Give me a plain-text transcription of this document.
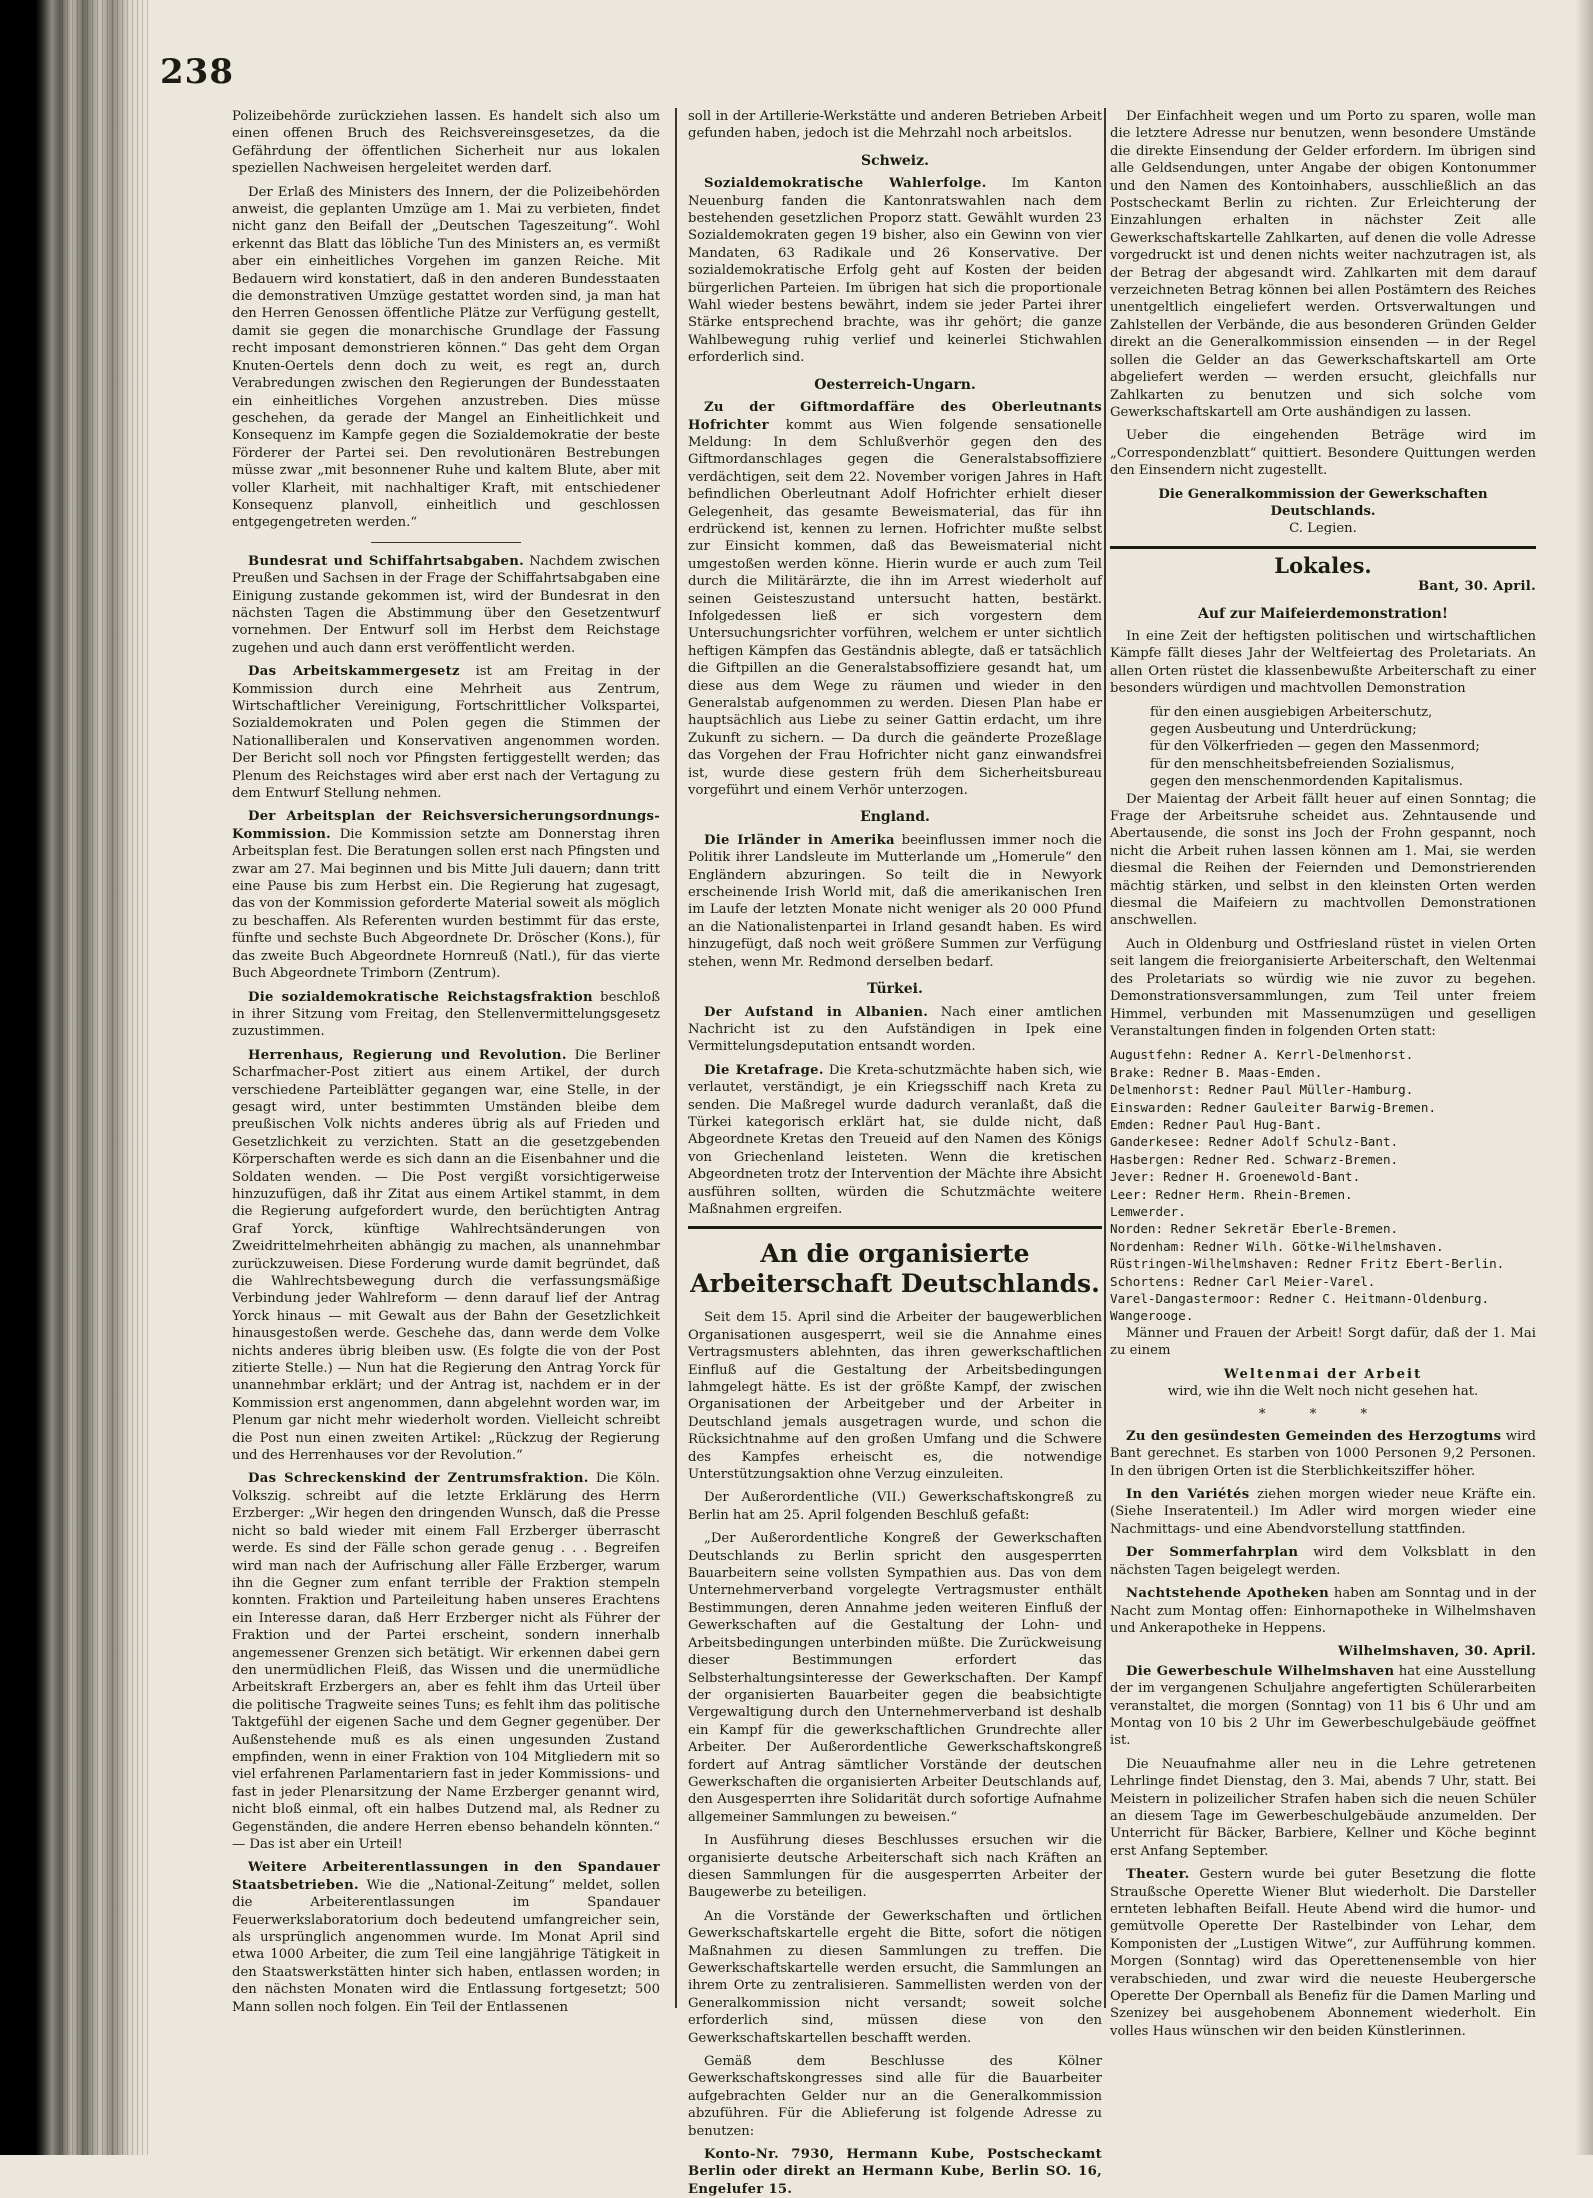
238

Polizeibehörde zurückziehen lassen. Es handelt sich also um einen offenen Bruch des Reichsvereinsgesetzes, da die Gefährdung der öffentlichen Sicherheit nur aus lokalen speziellen Nachweisen hergeleitet werden darf.

Der Erlaß des Ministers des Innern, der die Polizeibehörden anweist, die geplanten Umzüge am 1. Mai zu verbieten, findet nicht ganz den Beifall der „Deutschen Tageszeitung“. Wohl erkennt das Blatt das löbliche Tun des Ministers an, es vermißt aber ein einheitliches Vorgehen im ganzen Reiche. Mit Bedauern wird konstatiert, daß in den anderen Bundesstaaten die demonstrativen Umzüge gestattet worden sind, ja man hat den Herren Genossen öffentliche Plätze zur Verfügung gestellt, damit sie gegen die monarchische Grundlage der Fassung recht imposant demonstrieren können.“ Das geht dem Organ Knuten-Oertels denn doch zu weit, es regt an, durch Verabredungen zwischen den Regierungen der Bundesstaaten ein einheitliches Vorgehen anzustreben. Dies müsse geschehen, da gerade der Mangel an Einheitlichkeit und Konsequenz im Kampfe gegen die Sozialdemokratie der beste Förderer der Partei sei. Den revolutionären Bestrebungen müsse zwar „mit besonnener Ruhe und kaltem Blute, aber mit voller Klarheit, mit nachhaltiger Kraft, mit entschiedener Konsequenz planvoll, einheitlich und geschlossen entgegengetreten werden.“

Bundesrat und Schiffahrtsabgaben. Nachdem zwischen Preußen und Sachsen in der Frage der Schiffahrtsabgaben eine Einigung zustande gekommen ist, wird der Bundesrat in den nächsten Tagen die Abstimmung über den Gesetzentwurf vornehmen. Der Entwurf soll im Herbst dem Reichstage zugehen und auch dann erst veröffentlicht werden.

Das Arbeitskammergesetz ist am Freitag in der Kommission durch eine Mehrheit aus Zentrum, Wirtschaftlicher Vereinigung, Fortschrittlicher Volkspartei, Sozialdemokraten und Polen gegen die Stimmen der Nationalliberalen und Konservativen angenommen worden. Der Bericht soll noch vor Pfingsten fertiggestellt werden; das Plenum des Reichstages wird aber erst nach der Vertagung zu dem Entwurf Stellung nehmen.

Der Arbeitsplan der Reichsversicherungsordnungs-Kommission. Die Kommission setzte am Donnerstag ihren Arbeitsplan fest. Die Beratungen sollen erst nach Pfingsten und zwar am 27. Mai beginnen und bis Mitte Juli dauern; dann tritt eine Pause bis zum Herbst ein. Die Regierung hat zugesagt, das von der Kommission geforderte Material soweit als möglich zu beschaffen. Als Referenten wurden bestimmt für das erste, fünfte und sechste Buch Abgeordnete Dr. Dröscher (Kons.), für das zweite Buch Abgeordnete Hornreuß (Natl.), für das vierte Buch Abgeordnete Trimborn (Zentrum).

Die sozialdemokratische Reichstagsfraktion beschloß in ihrer Sitzung vom Freitag, den Stellenvermittelungsgesetz zuzustimmen.

Herrenhaus, Regierung und Revolution. Die Berliner Scharfmacher-Post zitiert aus einem Artikel, der durch verschiedene Parteiblätter gegangen war, eine Stelle, in der gesagt wird, unter bestimmten Umständen bleibe dem preußischen Volk nichts anderes übrig als auf Frieden und Gesetzlichkeit zu verzichten. Statt an die gesetzgebenden Körperschaften werde es sich dann an die Eisenbahner und die Soldaten wenden. — Die Post vergißt vorsichtigerweise hinzuzufügen, daß ihr Zitat aus einem Artikel stammt, in dem die Regierung aufgefordert wurde, den berüchtigten Antrag Graf Yorck, künftige Wahlrechtsänderungen von Zweidrittelmehrheiten abhängig zu machen, als unannehmbar zurückzuweisen. Diese Forderung wurde damit begründet, daß die Wahlrechtsbewegung durch die verfassungsmäßige Verbindung jeder Wahlreform — denn darauf lief der Antrag Yorck hinaus — mit Gewalt aus der Bahn der Gesetzlichkeit hinausgestoßen werde. Geschehe das, dann werde dem Volke nichts anderes übrig bleiben usw. (Es folgte die von der Post zitierte Stelle.) — Nun hat die Regierung den Antrag Yorck für unannehmbar erklärt; und der Antrag ist, nachdem er in der Kommission erst angenommen, dann abgelehnt worden war, im Plenum gar nicht mehr wiederholt worden. Vielleicht schreibt die Post nun einen zweiten Artikel: „Rückzug der Regierung und des Herrenhauses vor der Revolution.“

Das Schreckenskind der Zentrumsfraktion. Die Köln. Volkszig. schreibt auf die letzte Erklärung des Herrn Erzberger: „Wir hegen den dringenden Wunsch, daß die Presse nicht so bald wieder mit einem Fall Erzberger überrascht werde. Es sind der Fälle schon gerade genug . . . Begreifen wird man nach der Aufrischung aller Fälle Erzberger, warum ihn die Gegner zum enfant terrible der Fraktion stempeln konnten. Fraktion und Parteileitung haben unseres Erachtens ein Interesse daran, daß Herr Erzberger nicht als Führer der Fraktion und der Partei erscheint, sondern innerhalb angemessener Grenzen sich betätigt. Wir erkennen dabei gern den unermüdlichen Fleiß, das Wissen und die unermüdliche Arbeitskraft Erzbergers an, aber es fehlt ihm das Urteil über die politische Tragweite seines Tuns; es fehlt ihm das politische Taktgefühl der eigenen Sache und dem Gegner gegenüber. Der Außenstehende muß es als einen ungesunden Zustand empfinden, wenn in einer Fraktion von 104 Mitgliedern mit so viel erfahrenen Parlamentariern fast in jeder Kommissions- und fast in jeder Plenarsitzung der Name Erzberger genannt wird, nicht bloß einmal, oft ein halbes Dutzend mal, als Redner zu Gegenständen, die andere Herren ebenso behandeln könnten.“ — Das ist aber ein Urteil!

Weitere Arbeiterentlassungen in den Spandauer Staatsbetrieben. Wie die „National-Zeitung“ meldet, sollen die Arbeiterentlassungen im Spandauer Feuerwerkslaboratorium doch bedeutend umfangreicher sein, als ursprünglich angenommen wurde. Im Monat April sind etwa 1000 Arbeiter, die zum Teil eine langjährige Tätigkeit in den Staatswerkstätten hinter sich haben, entlassen worden; in den nächsten Monaten wird die Entlassung fortgesetzt; 500 Mann sollen noch folgen. Ein Teil der Entlassenen

soll in der Artillerie-Werkstätte und anderen Betrieben Arbeit gefunden haben, jedoch ist die Mehrzahl noch arbeitslos.

Schweiz.

Sozialdemokratische Wahlerfolge. Im Kanton Neuenburg fanden die Kantonratswahlen nach dem bestehenden gesetzlichen Proporz statt. Gewählt wurden 23 Sozialdemokraten gegen 19 bisher, also ein Gewinn von vier Mandaten, 63 Radikale und 26 Konservative. Der sozialdemokratische Erfolg geht auf Kosten der beiden bürgerlichen Parteien. Im übrigen hat sich die proportionale Wahl wieder bestens bewährt, indem sie jeder Partei ihrer Stärke entsprechend brachte, was ihr gehört; die ganze Wahlbewegung ruhig verlief und keinerlei Stichwahlen erforderlich sind.

Oesterreich-Ungarn.

Zu der Giftmordaffäre des Oberleutnants Hofrichter kommt aus Wien folgende sensationelle Meldung: In dem Schlußverhör gegen den des Giftmordanschlages gegen die Generalstabsoffiziere verdächtigen, seit dem 22. November vorigen Jahres in Haft befindlichen Oberleutnant Adolf Hofrichter erhielt dieser Gelegenheit, das gesamte Beweismaterial, das für ihn erdrückend ist, kennen zu lernen. Hofrichter mußte selbst zur Einsicht kommen, daß das Beweismaterial nicht umgestoßen werden könne. Hierin wurde er auch zum Teil durch die Militärärzte, die ihn im Arrest wiederholt auf seinen Geisteszustand untersucht hatten, bestärkt. Infolgedessen ließ er sich vorgestern dem Untersuchungsrichter vorführen, welchem er unter sichtlich heftigen Kämpfen das Geständnis ablegte, daß er tatsächlich die Giftpillen an die Generalstabsoffiziere gesandt hat, um diese aus dem Wege zu räumen und wieder in den Generalstab aufgenommen zu werden. Diesen Plan habe er hauptsächlich aus Liebe zu seiner Gattin erdacht, um ihre Zukunft zu sichern. — Da durch die geänderte Prozeßlage das Vorgehen der Frau Hofrichter nicht ganz einwandsfrei ist, wurde diese gestern früh dem Sicherheitsbureau vorgeführt und einem Verhör unterzogen.

England.

Die Irländer in Amerika beeinflussen immer noch die Politik ihrer Landsleute im Mutterlande um „Homerule“ den Engländern abzuringen. So teilt die in Newyork erscheinende Irish World mit, daß die amerikanischen Iren im Laufe der letzten Monate nicht weniger als 20 000 Pfund an die Nationalistenpartei in Irland gesandt haben. Es wird hinzugefügt, daß noch weit größere Summen zur Verfügung stehen, wenn Mr. Redmond derselben bedarf.

Türkei.

Der Aufstand in Albanien. Nach einer amtlichen Nachricht ist zu den Aufständigen in Ipek eine Vermittelungsdeputation entsandt worden.

Die Kretafrage. Die Kreta-schutzmächte haben sich, wie verlautet, verständigt, je ein Kriegsschiff nach Kreta zu senden. Die Maßregel wurde dadurch veranlaßt, daß die Türkei kategorisch erklärt hat, sie dulde nicht, daß Abgeordnete Kretas den Treueid auf den Namen des Königs von Griechenland leisteten. Wenn die kretischen Abgeordneten trotz der Intervention der Mächte ihre Absicht ausführen sollten, würden die Schutzmächte weitere Maßnahmen ergreifen.

An die organisierte Arbeiterschaft Deutschlands.

Seit dem 15. April sind die Arbeiter der baugewerblichen Organisationen ausgesperrt, weil sie die Annahme eines Vertragsmusters ablehnten, das ihren gewerkschaftlichen Einfluß auf die Gestaltung der Arbeitsbedingungen lahmgelegt hätte. Es ist der größte Kampf, der zwischen Organisationen der Arbeitgeber und der Arbeiter in Deutschland jemals ausgetragen wurde, und schon die Rücksichtnahme auf den großen Umfang und die Schwere des Kampfes erheischt es, die notwendige Unterstützungsaktion ohne Verzug einzuleiten.

Der Außerordentliche (VII.) Gewerkschaftskongreß zu Berlin hat am 25. April folgenden Beschluß gefaßt:

„Der Außerordentliche Kongreß der Gewerkschaften Deutschlands zu Berlin spricht den ausgesperrten Bauarbeitern seine vollsten Sympathien aus. Das von dem Unternehmerverband vorgelegte Vertragsmuster enthält Bestimmungen, deren Annahme jeden weiteren Einfluß der Gewerkschaften auf die Gestaltung der Lohn- und Arbeitsbedingungen unterbinden müßte. Die Zurückweisung dieser Bestimmungen erfordert das Selbsterhaltungsinteresse der Gewerkschaften. Der Kampf der organisierten Bauarbeiter gegen die beabsichtigte Vergewaltigung durch den Unternehmerverband ist deshalb ein Kampf für die gewerkschaftlichen Grundrechte aller Arbeiter. Der Außerordentliche Gewerkschaftskongreß fordert auf Antrag sämtlicher Vorstände der deutschen Gewerkschaften die organisierten Arbeiter Deutschlands auf, den Ausgesperrten ihre Solidarität durch sofortige Aufnahme allgemeiner Sammlungen zu beweisen.“

In Ausführung dieses Beschlusses ersuchen wir die organisierte deutsche Arbeiterschaft sich nach Kräften an diesen Sammlungen für die ausgesperrten Arbeiter der Baugewerbe zu beteiligen.

An die Vorstände der Gewerkschaften und örtlichen Gewerkschaftskartelle ergeht die Bitte, sofort die nötigen Maßnahmen zu diesen Sammlungen zu treffen. Die Gewerkschaftskartelle werden ersucht, die Sammlungen an ihrem Orte zu zentralisieren. Sammellisten werden von der Generalkommission nicht versandt; soweit solche erforderlich sind, müssen diese von den Gewerkschaftskartellen beschafft werden.

Gemäß dem Beschlusse des Kölner Gewerkschaftskongresses sind alle für die Bauarbeiter aufgebrachten Gelder nur an die Generalkommission abzuführen. Für die Ablieferung ist folgende Adresse zu benutzen:

Konto-Nr. 7930, Hermann Kube, Postscheckamt Berlin oder direkt an Hermann Kube, Berlin SO. 16, Engelufer 15.

Der Einfachheit wegen und um Porto zu sparen, wolle man die letztere Adresse nur benutzen, wenn besondere Umstände die direkte Einsendung der Gelder erfordern. Im übrigen sind alle Geldsendungen, unter Angabe der obigen Kontonummer und den Namen des Kontoinhabers, ausschließlich an das Postscheckamt Berlin zu richten. Zur Erleichterung der Einzahlungen erhalten in nächster Zeit alle Gewerkschaftskartelle Zahlkarten, auf denen die volle Adresse vorgedruckt ist und denen nichts weiter nachzutragen ist, als der Betrag der abgesandt wird. Zahlkarten mit dem darauf verzeichneten Betrag können bei allen Postämtern des Reiches unentgeltlich eingeliefert werden. Ortsverwaltungen und Zahlstellen der Verbände, die aus besonderen Gründen Gelder direkt an die Generalkommission einsenden — in der Regel sollen die Gelder an das Gewerkschaftskartell am Orte abgeliefert werden — werden ersucht, gleichfalls nur Zahlkarten zu benutzen und sich solche vom Gewerkschaftskartell am Orte aushändigen zu lassen.

Ueber die eingehenden Beträge wird im „Correspondenzblatt“ quittiert. Besondere Quittungen werden den Einsendern nicht zugestellt.

Die Generalkommission der Gewerkschaften Deutschlands.
C. Legien.
Lokales.
Bant, 30. April.
Auf zur Maifeierdemonstration!

In eine Zeit der heftigsten politischen und wirtschaftlichen Kämpfe fällt dieses Jahr der Weltfeiertag des Proletariats. An allen Orten rüstet die klassenbewußte Arbeiterschaft zu einer besonders würdigen und machtvollen Demonstration

für den einen ausgiebigen Arbeiterschutz,

gegen Ausbeutung und Unterdrückung;

für den Völkerfrieden — gegen den Massenmord;

für den menschheitsbefreienden Sozialismus,

gegen den menschenmordenden Kapitalismus.

Der Maientag der Arbeit fällt heuer auf einen Sonntag; die Frage der Arbeitsruhe scheidet aus. Zehntausende und Abertausende, die sonst ins Joch der Frohn gespannt, noch nicht die Arbeit ruhen lassen können am 1. Mai, sie werden diesmal die Reihen der Feiernden und Demonstrierenden mächtig stärken, und selbst in den kleinsten Orten werden diesmal die Maifeiern zu machtvollen Demonstrationen anschwellen.

Auch in Oldenburg und Ostfriesland rüstet in vielen Orten seit langem die freiorganisierte Arbeiterschaft, den Weltenmai des Proletariats so würdig wie nie zuvor zu begehen. Demonstrationsversammlungen, zum Teil unter freiem Himmel, verbunden mit Massenumzügen und geselligen Veranstaltungen finden in folgenden Orten statt:

Augustfehn: Redner A. Kerrl-Delmenhorst.

Brake: Redner B. Maas-Emden.

Delmenhorst: Redner Paul Müller-Hamburg.

Einswarden: Redner Gauleiter Barwig-Bremen.

Emden: Redner Paul Hug-Bant.

Ganderkesee: Redner Adolf Schulz-Bant.

Hasbergen: Redner Red. Schwarz-Bremen.

Jever: Redner H. Groenewold-Bant.

Leer: Redner Herm. Rhein-Bremen.

Lemwerder.

Norden: Redner Sekretär Eberle-Bremen.

Nordenham: Redner Wilh. Götke-Wilhelmshaven.

Rüstringen-Wilhelmshaven: Redner Fritz Ebert-Berlin.

Schortens: Redner Carl Meier-Varel.

Varel-Dangastermoor: Redner C. Heitmann-Oldenburg.

Wangerooge.

Männer und Frauen der Arbeit! Sorgt dafür, daß der 1. Mai zu einem

Weltenmai der Arbeit

wird, wie ihn die Welt noch nicht gesehen hat.

* * *

Zu den gesündesten Gemeinden des Herzogtums wird Bant gerechnet. Es starben von 1000 Personen 9,2 Personen. In den übrigen Orten ist die Sterblichkeitsziffer höher.

In den Variétés ziehen morgen wieder neue Kräfte ein. (Siehe Inseratenteil.) Im Adler wird morgen wieder eine Nachmittags- und eine Abendvorstellung stattfinden.

Der Sommerfahrplan wird dem Volksblatt in den nächsten Tagen beigelegt werden.

Nachtstehende Apotheken haben am Sonntag und in der Nacht zum Montag offen: Einhornapotheke in Wilhelmshaven und Ankerapotheke in Heppens.

Wilhelmshaven, 30. April.

Die Gewerbeschule Wilhelmshaven hat eine Ausstellung der im vergangenen Schuljahre angefertigten Schülerarbeiten veranstaltet, die morgen (Sonntag) von 11 bis 6 Uhr und am Montag von 10 bis 2 Uhr im Gewerbeschulgebäude geöffnet ist.

Die Neuaufnahme aller neu in die Lehre getretenen Lehrlinge findet Dienstag, den 3. Mai, abends 7 Uhr, statt. Bei Meistern in polizeilicher Strafen haben sich die neuen Schüler an diesem Tage im Gewerbeschulgebäude anzumelden. Der Unterricht für Bäcker, Barbiere, Kellner und Köche beginnt erst Anfang September.

Theater. Gestern wurde bei guter Besetzung die flotte Straußsche Operette Wiener Blut wiederholt. Die Darsteller ernteten lebhaften Beifall. Heute Abend wird die humor- und gemütvolle Operette Der Rastelbinder von Lehar, dem Komponisten der „Lustigen Witwe“, zur Aufführung kommen. Morgen (Sonntag) wird das Operettenensemble von hier verabschieden, und zwar wird die neueste Heubergersche Operette Der Opernball als Benefiz für die Damen Marling und Szenizey bei ausgehobenem Abonnement wiederholt. Ein volles Haus wünschen wir den beiden Künstlerinnen.
